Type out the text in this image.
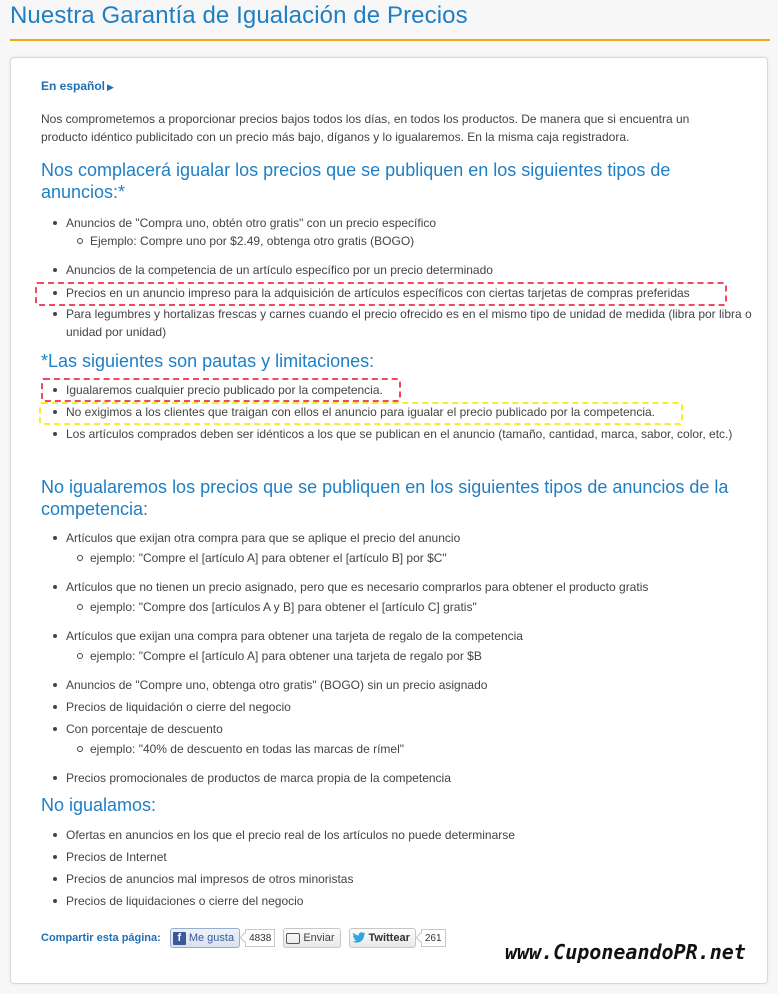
Nuestra Garantía de Igualación de Precios
En español ▶
Nos comprometemos a proporcionar precios bajos todos los días, en todos los productos. De manera que si encuentra un producto idéntico publicitado con un precio más bajo, díganos y lo igualaremos. En la misma caja registradora.
Nos complacerá igualar los precios que se publiquen en los siguientes tipos de anuncios:*
Anuncios de "Compra uno, obtén otro gratis" con un precio específico
Ejemplo: Compre uno por $2.49, obtenga otro gratis (BOGO)
Anuncios de la competencia de un artículo específico por un precio determinado
Precios en un anuncio impreso para la adquisición de artículos específicos con ciertas tarjetas de compras preferidas
Para legumbres y hortalizas frescas y carnes cuando el precio ofrecido es en el mismo tipo de unidad de medida (libra por libra o unidad por unidad)
*Las siguientes son pautas y limitaciones:
Igualaremos cualquier precio publicado por la competencia.
No exigimos a los clientes que traigan con ellos el anuncio para igualar el precio publicado por la competencia.
Los artículos comprados deben ser idénticos a los que se publican en el anuncio (tamaño, cantidad, marca, sabor, color, etc.)
No igualaremos los precios que se publiquen en los siguientes tipos de anuncios de la competencia:
Artículos que exijan otra compra para que se aplique el precio del anuncio
ejemplo: "Compre el [artículo A] para obtener el [artículo B] por $C"
Artículos que no tienen un precio asignado, pero que es necesario comprarlos para obtener el producto gratis
ejemplo: "Compre dos [artículos A y B] para obtener el [artículo C] gratis"
Artículos que exijan una compra para obtener una tarjeta de regalo de la competencia
ejemplo: "Compre el [artículo A] para obtener una tarjeta de regalo por $B
Anuncios de "Compre uno, obtenga otro gratis" (BOGO) sin un precio asignado
Precios de liquidación o cierre del negocio
Con porcentaje de descuento
ejemplo: "40% de descuento en todas las marcas de rímel"
Precios promocionales de productos de marca propia de la competencia
No igualamos:
Ofertas en anuncios en los que el precio real de los artículos no puede determinarse
Precios de Internet
Precios de anuncios mal impresos de otros minoristas
Precios de liquidaciones o cierre del negocio
Compartir esta página:	f Me gusta	4838	Enviar	Twittear	261
www.CuponeandoPR.net
